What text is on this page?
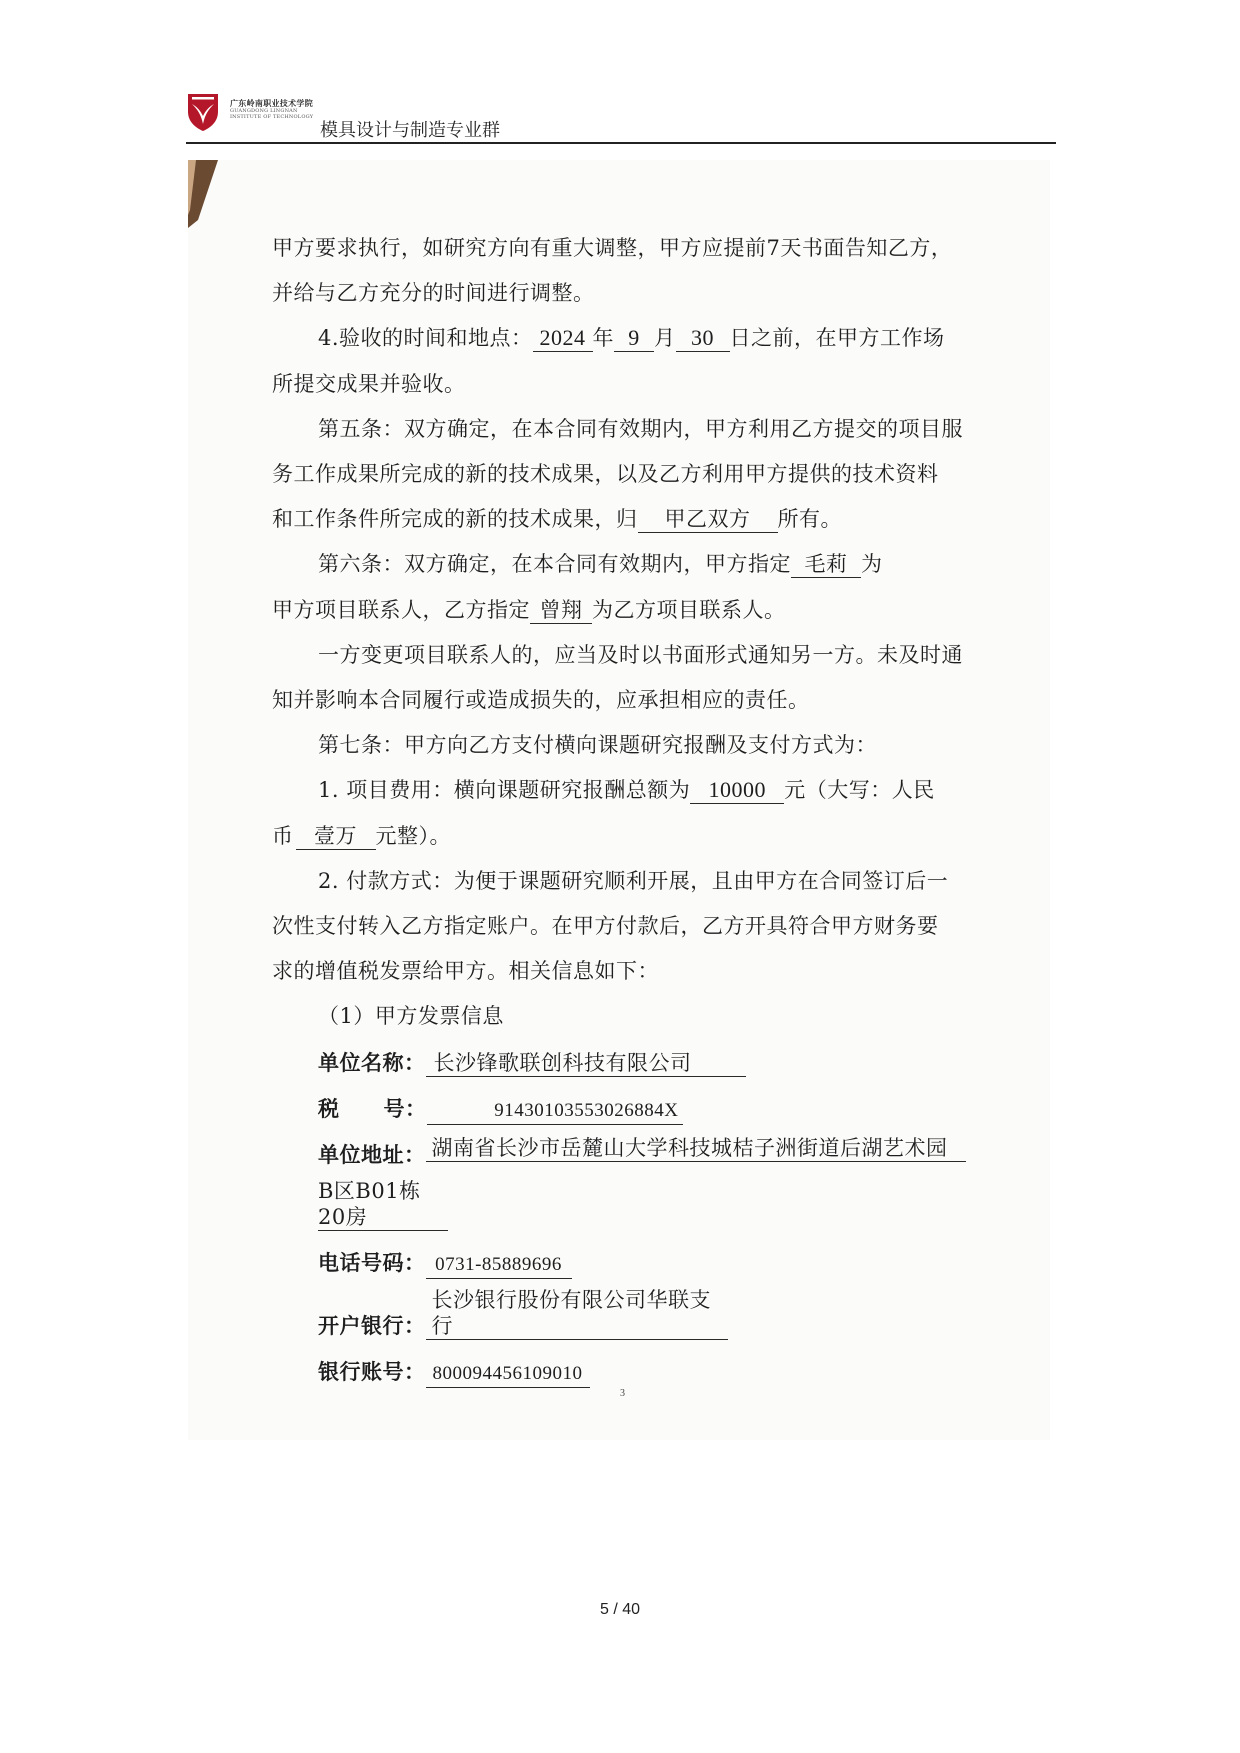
广东岭南职业技术学院
GUANGDONG LINGNAN INSTITUTE OF TECHNOLOGY
模具设计与制造专业群

甲方要求执行，如研究方向有重大调整，甲方应提前7天书面告知乙方，

并给与乙方充分的时间进行调整。

4.验收的时间和地点： 2024 年 9 月 30 日之前，在甲方工作场

所提交成果并验收。

第五条：双方确定，在本合同有效期内，甲方利用乙方提交的项目服

务工作成果所完成的新的技术成果，以及乙方利用甲方提供的技术资料

和工作条件所完成的新的技术成果，归 甲乙双方 所有。

第六条：双方确定，在本合同有效期内，甲方指定 毛莉 为

甲方项目联系人，乙方指定 曾翔 为乙方项目联系人。

一方变更项目联系人的，应当及时以书面形式通知另一方。未及时通

知并影响本合同履行或造成损失的，应承担相应的责任。

第七条：甲方向乙方支付横向课题研究报酬及支付方式为：

1. 项目费用：横向课题研究报酬总额为 10000 元（大写：人民

币 壹万 元整）。

2. 付款方式：为便于课题研究顺利开展，且由甲方在合同签订后一

次性支付转入乙方指定账户。在甲方付款后，乙方开具符合甲方财务要

求的增值税发票给甲方。相关信息如下：

（1）甲方发票信息

单位名称： 长沙锋歌联创科技有限公司

税 号：	91430103553026884X

单位地址： 湖南省长沙市岳麓山大学科技城桔子洲街道后湖艺术园

B区B01栋20房

电话号码： 0731-85889696

开户银行：长沙银行股份有限公司华联支行

银行账号： 800094456109010

3
5 / 40
